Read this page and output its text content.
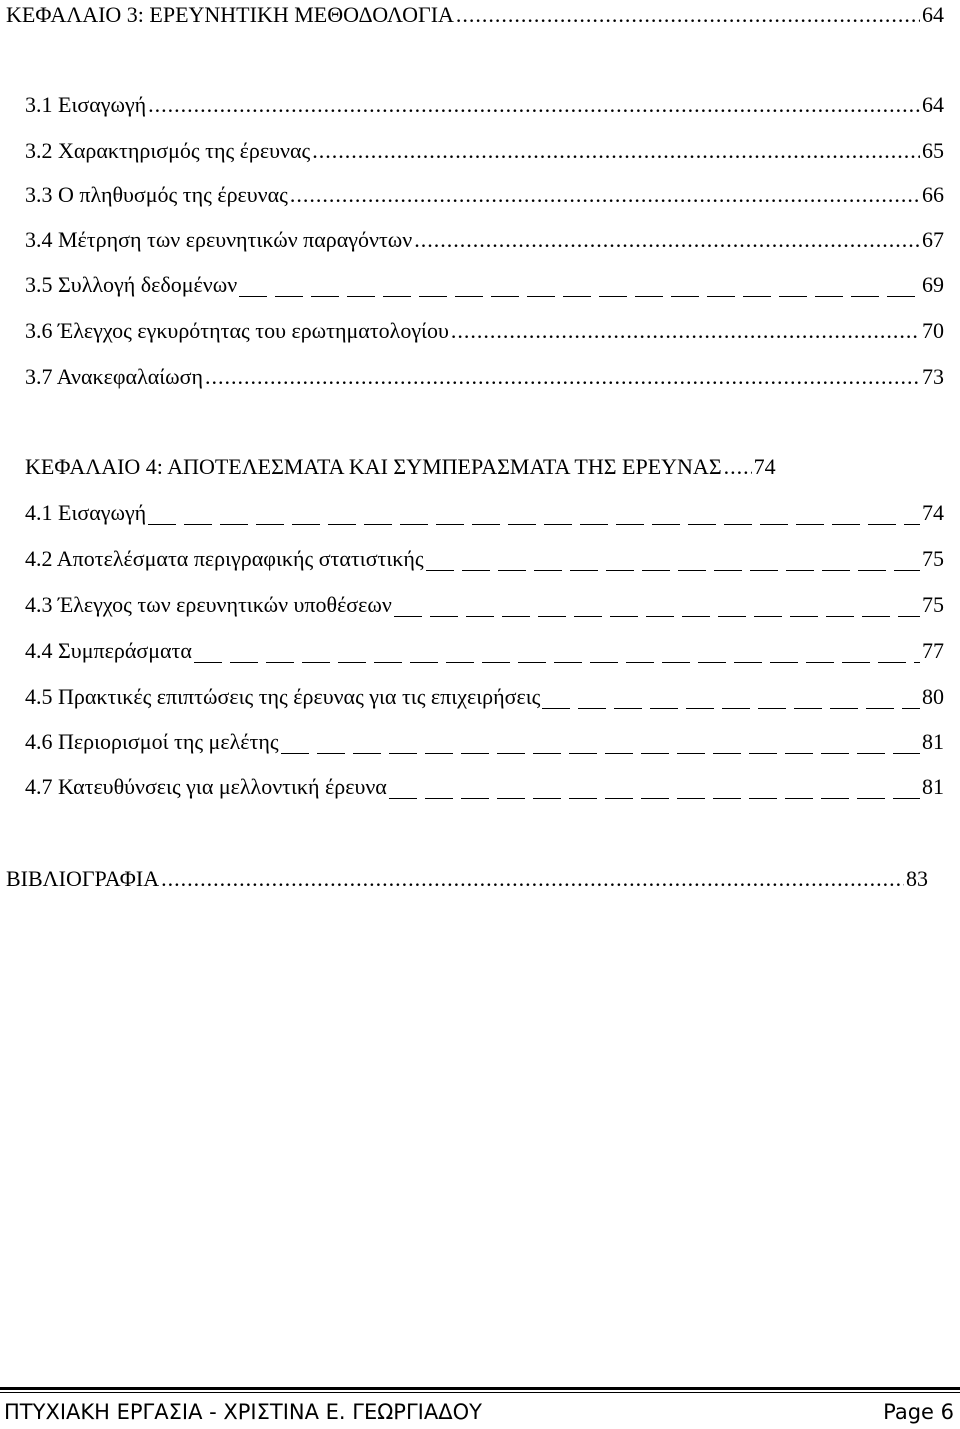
ΚΕΦΑΛΑΙΟ 3: ΕΡΕΥΝΗΤΙΚΗ ΜΕΘΟΔΟΛΟΓΙΑ .....	64
3.1 Εισαγωγή .....	64
3.2 Χαρακτηρισμός της έρευνας .....	65
3.3 Ο πληθυσμός της έρευνας .....	66
3.4 Μέτρηση των ερευνητικών παραγόντων .....	67
3.5 Συλλογή δεδομένων	69
3.6 Έλεγχος εγκυρότητας του ερωτηματολογίου .....	70
3.7 Ανακεφαλαίωση .....	73
ΚΕΦΑΛΑΙΟ 4: ΑΠΟΤΕΛΕΣΜΑΤΑ ΚΑΙ ΣΥΜΠΕΡΑΣΜΑΤΑ ΤΗΣ ΕΡΕΥΝΑΣ ..... 74
4.1 Εισαγωγή	74
4.2 Αποτελέσματα περιγραφικής στατιστικής	75
4.3 Έλεγχος των ερευνητικών υποθέσεων	75
4.4 Συμπεράσματα	77
4.5 Πρακτικές επιπτώσεις της έρευνας για τις επιχειρήσεις	80
4.6 Περιορισμοί της μελέτης	81
4.7 Κατευθύνσεις για μελλοντική έρευνα	81
ΒΙΒΛΙΟΓΡΑΦΙΑ .....	83
ΠΤΥΧΙΑΚΗ ΕΡΓΑΣΙΑ - ΧΡΙΣΤΙΝΑ Ε. ΓΕΩΡΓΙΑΔΟΥ	Page 6
